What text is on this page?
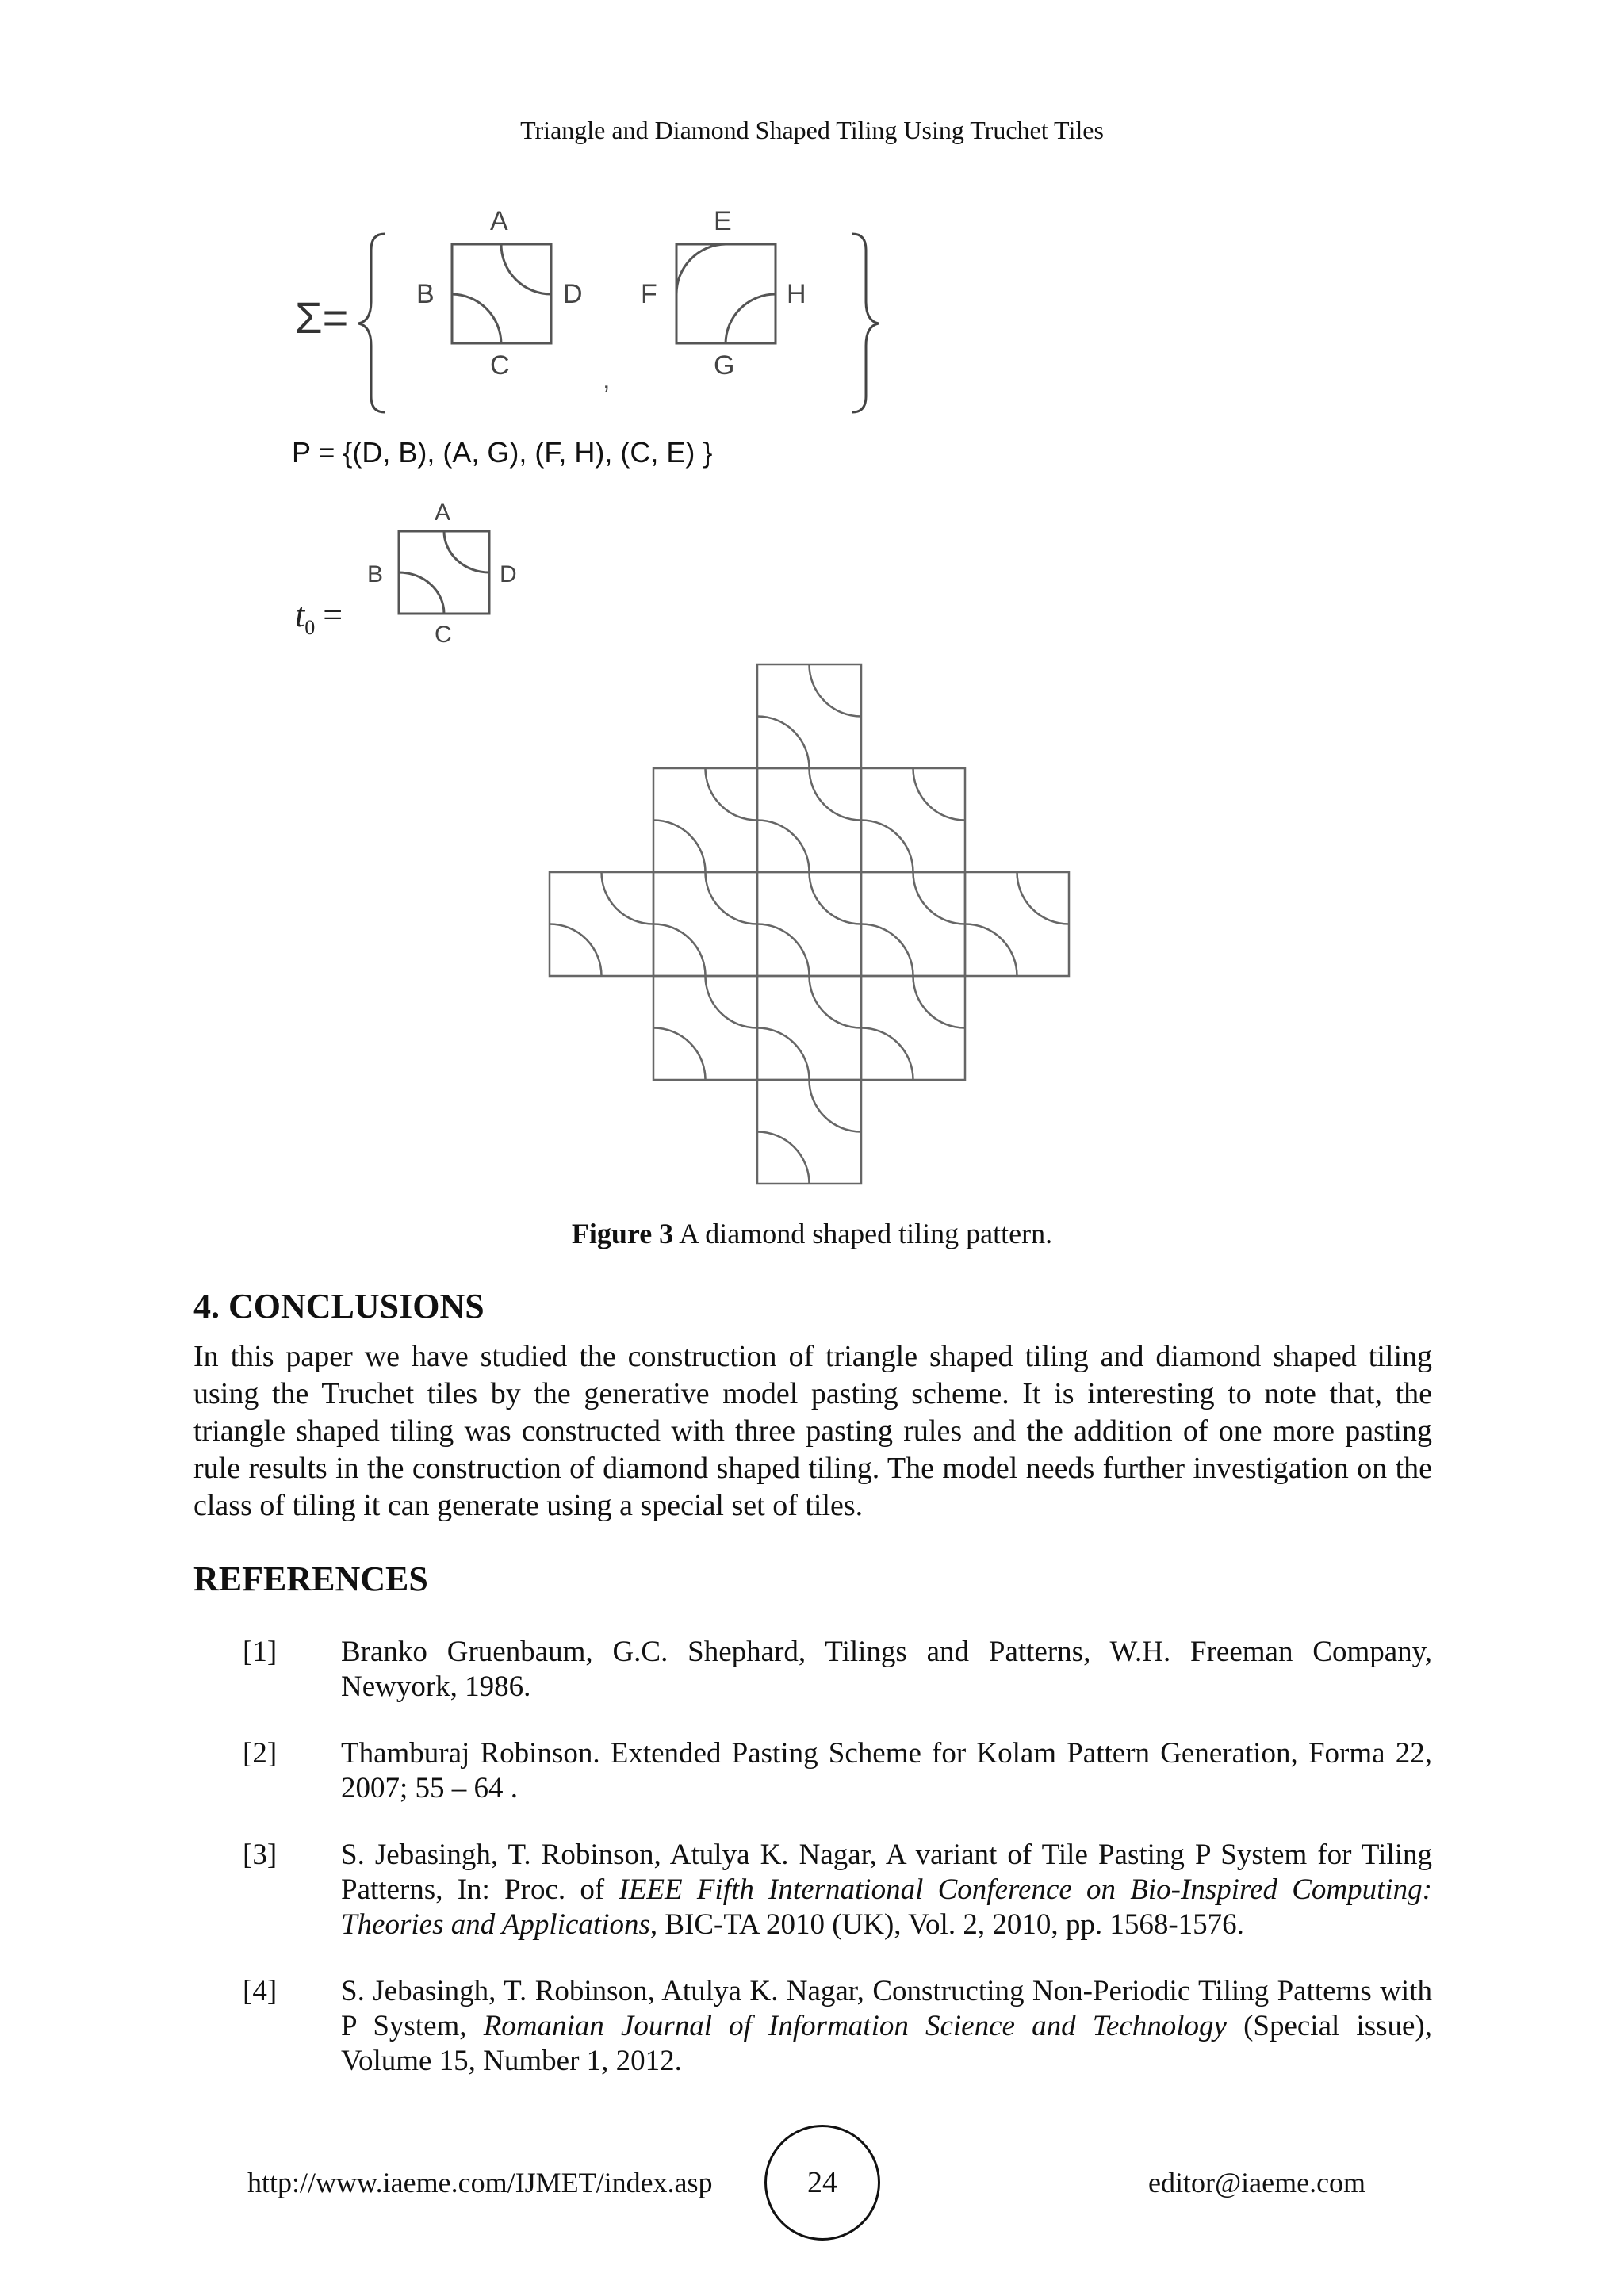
Triangle and Diamond Shaped Tiling Using Truchet Tiles
Σ=
A
B	D
C	,
E
F	H
G
P = {(D, B), (A, G), (F, H), (C, E) }
$t_0$ =
A
B	D
C
Figure 3 A diamond shaped tiling pattern.
4. CONCLUSIONS

In this paper we have studied the construction of triangle shaped tiling and diamond shaped tiling using the Truchet tiles by the generative model pasting scheme. It is interesting to note that, the triangle shaped tiling was constructed with three pasting rules and the addition of one more pasting rule results in the construction of diamond shaped tiling. The model needs further investigation on the class of tiling it can generate using a special set of tiles.

REFERENCES
[1] Branko Gruenbaum, G.C. Shephard, Tilings and Patterns, W.H. Freeman Company, Newyork, 1986.
[2] Thamburaj Robinson. Extended Pasting Scheme for Kolam Pattern Generation, Forma 22, 2007; 55 – 64 .
[3] S. Jebasingh, T. Robinson, Atulya K. Nagar, A variant of Tile Pasting P System for Tiling Patterns, In: Proc. of IEEE Fifth International Conference on Bio-Inspired Computing: Theories and Applications, BIC-TA 2010 (UK), Vol. 2, 2010, pp. 1568-1576.
[4] S. Jebasingh, T. Robinson, Atulya K. Nagar, Constructing Non-Periodic Tiling Patterns with P System, Romanian Journal of Information Science and Technology (Special issue), Volume 15, Number 1, 2012.
http://www.iaeme.com/IJMET/index.asp	24	editor@iaeme.com
